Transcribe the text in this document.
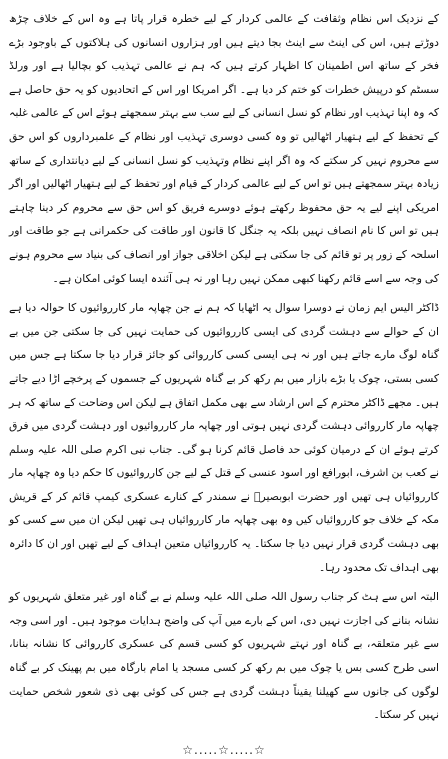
کے نزدیک اس نظام وثقافت کے عالمی کردار کے لیے خطرہ قرار پاتا ہے وہ اس کے خلاف چڑھ دوڑتے ہیں، اس کی اینٹ سے اینٹ بجا دیتے ہیں اور ہزاروں انسانوں کی ہلاکتوں کے باوجود بڑے فخر کے ساتھ اس اطمینان کا اظہار کرتے ہیں کہ ہم نے عالمی تہذیب کو بچالیا ہے اور ورلڈ سسٹم کو درپیش خطرات کو ختم کر دیا ہے۔ اگر امریکا اور اس کے اتحادیوں کو یہ حق حاصل ہے کہ وہ اپنا تہذیب اور نظام کو نسل انسانی کے لیے سب سے بہتر سمجھتے ہوئے اس کے عالمی غلبہ کے تحفظ کے لیے ہتھیار اٹھالیں تو وہ کسی دوسری تہذیب اور نظام کے علمبرداروں کو اس حق سے محروم نہیں کر سکتے کہ وہ اگر اپنے نظام وتہذیب کو نسل انسانی کے لیے دیانتداری کے ساتھ زیادہ بہتر سمجھتے ہیں تو اس کے لیے عالمی کردار کے قیام اور تحفظ کے لیے ہتھیار اٹھالیں اور اگر امریکی اپنے لیے یہ حق محفوظ رکھتے ہوئے دوسرے فریق کو اس حق سے محروم کر دینا چاہتے ہیں تو اس کا نام انصاف نہیں بلکہ یہ جنگل کا قانون اور طاقت کی حکمرانی ہے جو طاقت اور اسلحہ کے زور پر تو قائم کی جا سکتی ہے لیکن اخلاقی جواز اور انصاف کی بنیاد سے محروم ہونے کی وجہ سے اسے قائم رکھنا کبھی ممکن نہیں رہا اور نہ ہی آئندہ ایسا کوئی امکان ہے۔

ڈاکٹر الیس ایم زمان نے دوسرا سوال یہ اٹھایا کہ ہم نے جن چھاپہ مار کارروائیوں کا حوالہ دیا ہے ان کے حوالے سے دہشت گردی کی ایسی کارروائیوں کی حمایت نہیں کی جا سکتی جن میں بے گناہ لوگ مارے جاتے ہیں اور نہ ہی ایسی کسی کارروائی کو جائز قرار دیا جا سکتا ہے جس میں کسی بستی، چوک یا بڑے بازار میں بم رکھ کر بے گناہ شہریوں کے جسموں کے پرخچے اڑا دیے جاتے ہیں۔ مجھے ڈاکٹر محترم کے اس ارشاد سے بھی مکمل اتفاق ہے لیکن اس وضاحت کے ساتھ کہ ہر چھاپہ مار کارروائی دہشت گردی نہیں ہوتی اور چھاپہ مار کارروائیوں اور دہشت گردی میں فرق کرتے ہوئے ان کے درمیان کوئی حد فاصل قائم کرنا ہو گی۔ جناب نبی اکرم صلی اللہ علیہ وسلم نے کعب بن اشرف، ابورافع اور اسود عنسی کے قتل کے لیے جن کارروائیوں کا حکم دیا وہ چھاپہ مار کارروائیاں ہی تھیں اور حضرت ابوبصیرؓ نے سمندر کے کنارے عسکری کیمپ قائم کر کے قریش مکہ کے خلاف جو کارروائیاں کیں وہ بھی چھاپہ مار کارروائیاں ہی تھیں لیکن ان میں سے کسی کو بھی دہشت گردی قرار نہیں دیا جا سکتا۔ یہ کارروائیاں متعین اہداف کے لیے تھیں اور ان کا دائرہ بھی اہداف تک محدود رہا۔

البتہ اس سے ہٹ کر جناب رسول اللہ صلی اللہ علیہ وسلم نے بے گناہ اور غیر متعلق شہریوں کو نشانہ بنانے کی اجازت نہیں دی، اس کے بارے میں آپ کی واضح ہدایات موجود ہیں۔ اور اسی وجہ سے غیر متعلقہ، بے گناہ اور نہتے شہریوں کو کسی قسم کی عسکری کارروائی کا نشانہ بنانا، اسی طرح کسی بس یا چوک میں بم رکھ کر کسی مسجد یا امام بارگاہ میں بم پھینک کر بے گناہ لوگوں کی جانوں سے کھیلنا یقیناً دہشت گردی ہے جس کی کوئی بھی ذی شعور شخص حمایت نہیں کر سکتا۔

☆.....☆.....☆
